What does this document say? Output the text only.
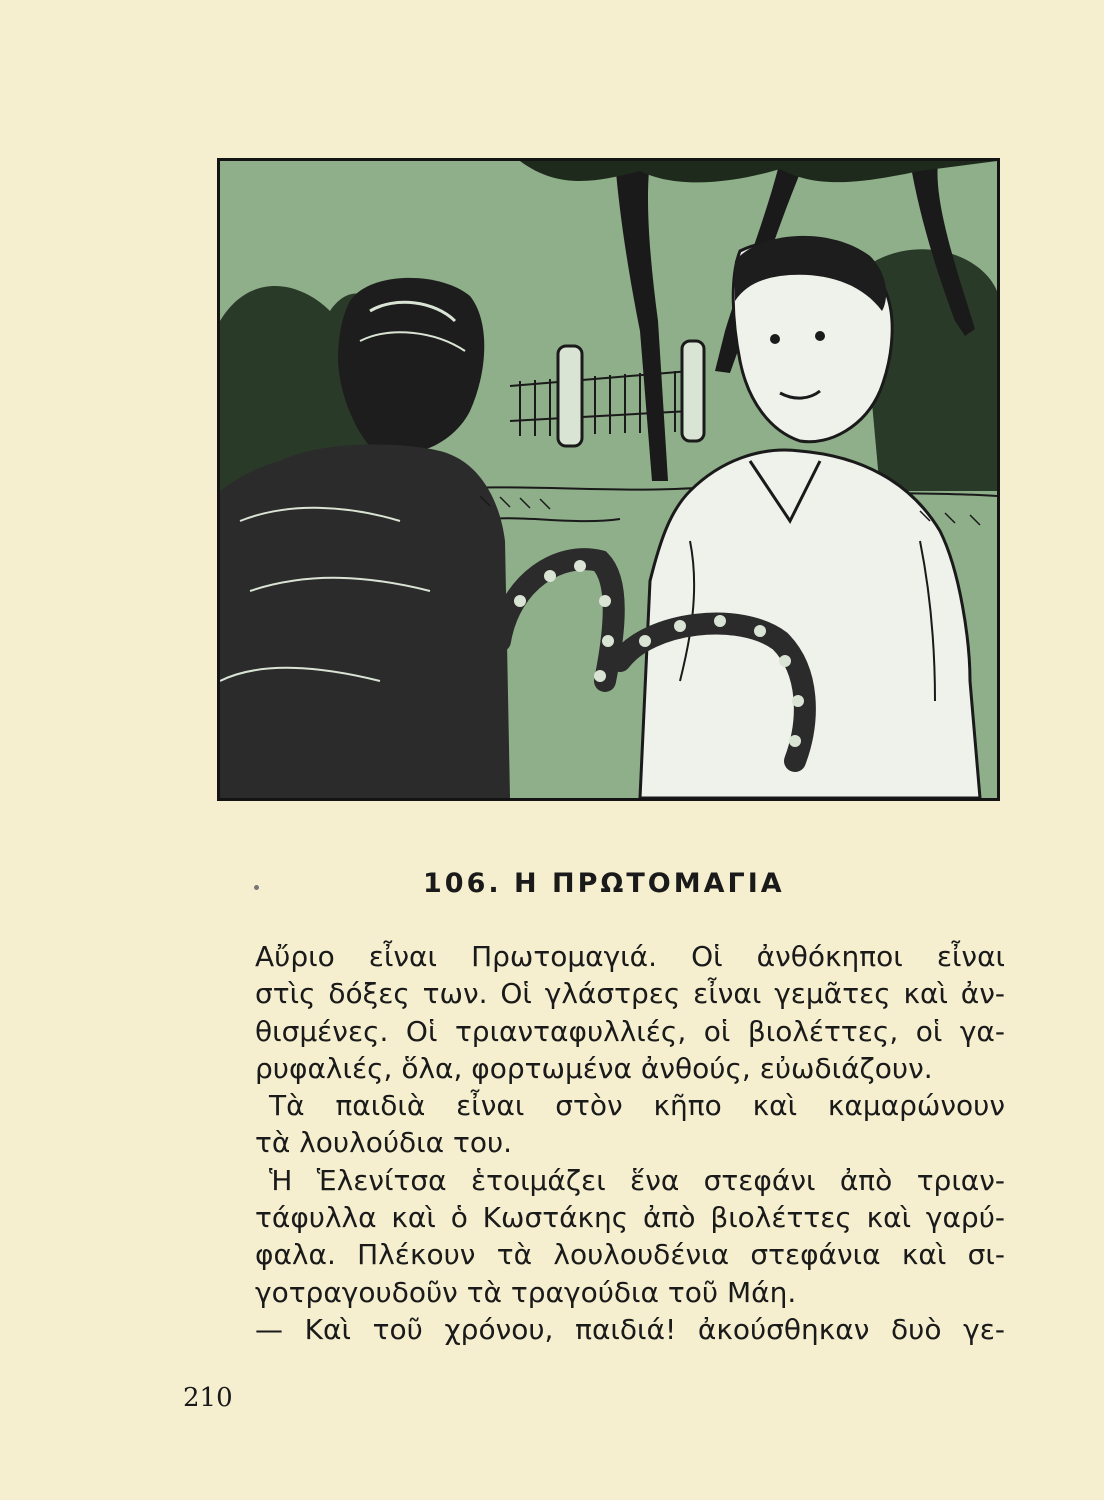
106. Η ΠΡΩΤΟΜΑΓΙΑ
Αὔριο εἶναι Πρωτομαγιά. Οἱ ἀνθόκηποι εἶναι
στὶς δόξες των. Οἱ γλάστρες εἶναι γεμᾶτες καὶ ἀν-
θισμένες. Οἱ τριανταφυλλιές, οἱ βιολέττες, οἱ γα-
ρυφαλιές, ὅλα, φορτωμένα ἀνθούς, εὐωδιάζουν.
Τὰ παιδιὰ εἶναι στὸν κῆπο καὶ καμαρώνουν
τὰ λουλούδια του.
Ἡ Ἑλενίτσα ἑτοιμάζει ἕνα στεφάνι ἀπὸ τριαν-
τάφυλλα καὶ ὁ Κωστάκης ἀπὸ βιολέττες καὶ γαρύ-
φαλα. Πλέκουν τὰ λουλουδένια στεφάνια καὶ σι-
γοτραγουδοῦν τὰ τραγούδια τοῦ Μάη.
— Καὶ τοῦ χρόνου, παιδιά! ἀκούσθηκαν δυὸ γε-
210
